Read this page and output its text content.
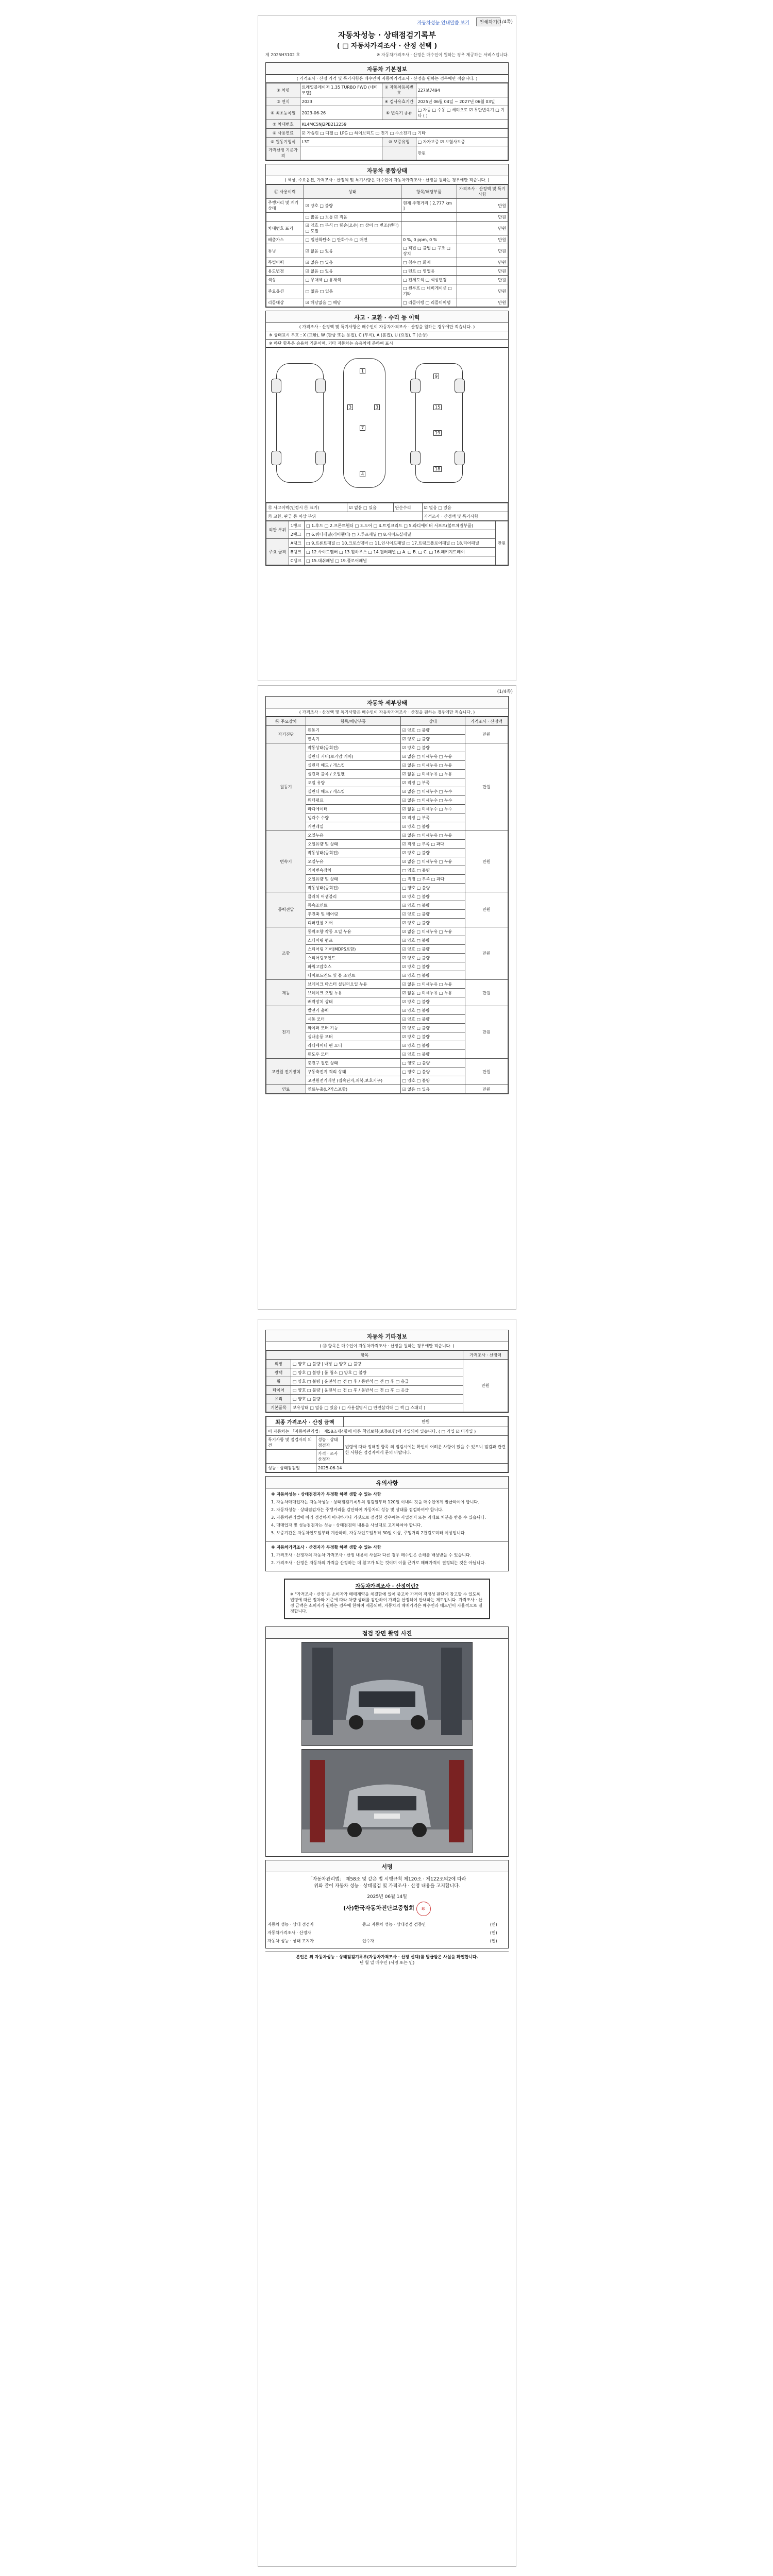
자동차성능 안내말씀 보기	인쇄하기 (1/4쪽)
자동차성능 · 상태점검기록부
( □ 자동차가격조사 · 산정 선택 )
제 2025H3102 호	※ 자동차가격조사 · 산정은 매수인이 원하는 경우 제공하는 서비스입니다.
자동차 기본정보
( 가격조사 · 산정 가격 및 특기사항은 매수인이 자동차가격조사 · 산정을 원하는 경우에만 적습니다. )
① 차명	트레일블레이저 1.35 TURBO FWD (네비모델)	② 자동차등록번호	227보7494
③ 연식	2023	④ 검사유효기간	2025년 06월 04일 ~ 2027년 06월 03일
⑤ 최초등록일	2023-06-26	⑥ 변속기 종류	□ 자동 □ 수동 □ 세미오토 ☑ 무단변속기 □ 기타 ( )
⑦ 차대번호	KL4MC5NJ2PB212259		
⑧ 사용연료	☑ 가솔린 □ 디젤 □ LPG □ 하이브리드 □ 전기 □ 수소전기 □ 기타		
⑨ 원동기형식	L3T	⑩ 보증유형	□ 자가보증 ☑ 보험사보증
가격산정 기준가격			만원
자동차 종합상태
( 색상, 주요옵션, 가격조사 · 산정액 및 특기사항은 매수인이 자동차가격조사 · 산정을 원하는 경우에만 적습니다. )
⑪ 사용이력	상태	항목/해당부품	가격조사 · 산정액 및 특기사항
주행거리 및 계기상태	☑ 양호 □ 불량	현재 주행거리 [ 2,777 km ]	만원
	□ 많음 □ 보통 ☑ 적음		만원
차대번호 표기	☑ 양호 □ 부식 □ 훼손(오손) □ 상이 □ 변조(변타) □ 도말		만원
배출가스	□ 일산화탄소 □ 탄화수소 □ 매연	0 %, 0 ppm, 0 %	만원
튜닝	☑ 없음 □ 있음	□ 적법 □ 불법 □ 구조 □ 장치	만원
특별이력	☑ 없음 □ 있음	□ 침수 □ 화재	만원
용도변경	☑ 없음 □ 있음	□ 렌트 □ 영업용	만원
색상	□ 무채색 □ 유채색	□ 전체도색 □ 색상변경	만원
주요옵션	□ 없음 □ 있음	□ 썬루프 □ 네비게이션 □ 기타	만원
리콜대상	☑ 해당없음 □ 해당	□ 리콜이행 □ 리콜미이행	만원
사고 · 교환 · 수리 등 이력
( 가격조사 · 산정액 및 특기사항은 매수인이 자동차가격조사 · 산정을 원하는 경우에만 적습니다. )
※ 상태표시 부호 : X (교환), W (판금 또는 용접), C (부식), A (흠집), U (요철), T (손상)
※ 하단 항목은 승용차 기준이며, 기타 자동차는 승용차에 준하여 표시
1
3	3
7
4
9
15
19
18
⑫ 사고이력(인정시 ㉮ 표기)	☑ 없음 □ 있음	단순수리	☑ 없음 □ 있음
⑬ 교환, 판금 등 이상 부위			가격조사 · 산정액 및 특기사항
외판 부위	1랭크	□ 1.후드 □ 2.프론트휀더 □ 3.도어 □ 4.트렁크리드 □ 5.라디에이터 서포트(볼트체결부품)	만원
	2랭크	□ 6.쿼터패널(리어휀더) □ 7.루프패널 □ 8.사이드실패널	
주요 골격	A랭크	□ 9.프론트패널 □ 10.크로스멤버 □ 11.인사이드패널 □ 17.트렁크플로어패널 □ 18.리어패널	
	B랭크	□ 12.사이드멤버 □ 13.휠하우스 □ 14.필러패널 □ A. □ B. □ C. □ 16.패키지트레이	
	C랭크	□ 15.대쉬패널 □ 19.플로어패널	
(1/4쪽)
자동차 세부상태
( 가격조사 · 산정액 및 특기사항은 매수인이 자동차가격조사 · 산정을 원하는 경우에만 적습니다. )
⑭ 주요장치	항목/해당부품	상태	가격조사 · 산정액
자기진단	원동기	☑ 양호 □ 불량	만원
	변속기	☑ 양호 □ 불량	
원동기	작동상태(공회전)	☑ 양호 □ 불량	만원
	실린더 커버(로커암 커버)	☑ 없음 □ 미세누유 □ 누유	
	실린더 헤드 / 개스킷	☑ 없음 □ 미세누유 □ 누유	
	실린더 블록 / 오일팬	☑ 없음 □ 미세누유 □ 누유	
	오일 유량	☑ 적정 □ 부족	
	실린더 헤드 / 개스킷	☑ 없음 □ 미세누수 □ 누수	
	워터펌프	☑ 없음 □ 미세누수 □ 누수	
	라디에이터	☑ 없음 □ 미세누수 □ 누수	
	냉각수 수량	☑ 적정 □ 부족	
	커먼레일	☑ 양호 □ 불량	
변속기	오일누유	☑ 없음 □ 미세누유 □ 누유	만원
	오일유량 및 상태	☑ 적정 □ 부족 □ 과다	
	작동상태(공회전)	☑ 양호 □ 불량	
	오일누유	☑ 없음 □ 미세누유 □ 누유	
	기어변속장치	□ 양호 □ 불량	
	오일유량 및 상태	□ 적정 □ 부족 □ 과다	
	작동상태(공회전)	□ 양호 □ 불량	
동력전달	클러치 어셈블리	☑ 양호 □ 불량	만원
	등속조인트	☑ 양호 □ 불량	
	추진축 및 베어링	☑ 양호 □ 불량	
	디퍼렌셜 기어	☑ 양호 □ 불량	
조향	동력조향 작동 오일 누유	☑ 없음 □ 미세누유 □ 누유	만원
	스티어링 펌프	☑ 양호 □ 불량	
	스티어링 기어(MDPS포함)	☑ 양호 □ 불량	
	스티어링조인트	☑ 양호 □ 불량	
	파워고압호스	☑ 양호 □ 불량	
	타이로드엔드 및 볼 조인트	☑ 양호 □ 불량	
제동	브레이크 마스터 실린더오일 누유	☑ 없음 □ 미세누유 □ 누유	만원
	브레이크 오일 누유	☑ 없음 □ 미세누유 □ 누유	
	배력장치 상태	☑ 양호 □ 불량	
전기	발전기 출력	☑ 양호 □ 불량	만원
	시동 모터	☑ 양호 □ 불량	
	와이퍼 모터 기능	☑ 양호 □ 불량	
	실내송풍 모터	☑ 양호 □ 불량	
	라디에이터 팬 모터	☑ 양호 □ 불량	
	윈도우 모터	☑ 양호 □ 불량	
고전원 전기장치	충전구 절연 상태	□ 양호 □ 불량	만원
	구동축전지 격리 상태	□ 양호 □ 불량	
	고전원전기배선 (접속단자,피복,보호기구)	□ 양호 □ 불량	
연료	연료누출(LP가스포함)	☑ 없음 □ 있음	만원
자동차 기타정보
( ⑮ 항목은 매수인이 자동차가격조사 · 산정을 원하는 경우에만 적습니다. )
항목		가격조사 · 산정액
외장	□ 양호 □ 불량 | 내장 □ 양호 □ 불량	만원
광택	□ 양호 □ 불량 | 룸 청소 □ 양호 □ 불량	
휠	□ 양호 □ 불량 | 운전석 □ 전 □ 후 / 동반석 □ 전 □ 후 □ 응급	
타이어	□ 양호 □ 불량 | 운전석 □ 전 □ 후 / 동반석 □ 전 □ 후 □ 응급	
유리	□ 양호 □ 불량	
기본품목	보유상태 □ 없음 □ 있음 ( □ 사용설명서 □ 안전삼각대 □ 잭 □ 스패너 )	
최종 가격조사 · 산정 금액		만원
이 자동차는 「자동차관리법」 제58조제4항에 따른 책임보험(보증보험)에 가입되어 있습니다. ( □ 가입 ☑ 미가입 )		
특기사항 및 점검자의 의견	성능 · 상태점검자	법령에 따라 정해진 항목 외 점검시에는 확인이 어려운 사항이 있을 수 있으니 점검과 관련한 사항은 점검자에게 문의 바랍니다.
	가격 · 조사산정자	
성능 · 상태점검일	2025-06-14	
유의사항

※ 자동차성능 · 상태점검자가 부정확 하면 생할 수 있는 사항

1. 자동차매매업자는 자동차성능 · 상태점검기록부의 점검일부터 120일 이내의 것을 매수인에게 발급하여야 합니다.

2. 자동차성능 · 상태점검자는 주행거리를 감안하여 자동차의 성능 및 상태를 점검하여야 합니다.

3. 자동차관리법에 따라 점검하지 아니하거나 거짓으로 점검한 경우에는 사업정지 또는 과태료 처분을 받을 수 있습니다.

4. 매매업자 및 성능점검자는 성능 · 상태점검의 내용을 사실대로 고지하여야 합니다.

5. 보증기간은 자동차인도일부터 계산하며, 자동차인도일부터 30일 이상, 주행거리 2천킬로미터 이상입니다.

※ 자동차가격조사 · 산정자가 부정확 하면 생할 수 있는 사항

1. 가격조사 · 산정자의 자동차 가격조사 · 산정 내용이 사실과 다른 경우 매수인은 손해를 배상받을 수 있습니다.

2. 가격조사 · 산정은 자동차의 가격을 산정하는 데 참고가 되는 것이며 이를 근거로 매매가격이 결정되는 것은 아닙니다.

자동차가격조사 · 산정이란?
※ "가격조사 · 산정"은 소비자가 매매계약을 체결함에 있어 중고차 가격의 적정성 판단에 참고할 수 있도록 법령에 따른 절차와 기준에 따라 차량 상태를 감안하여 가격을 산정하여 안내하는 제도입니다. 가격조사 · 산정 금액은 소비자가 원하는 경우에 한하여 제공되며, 자동차의 매매가격은 매수인과 매도인이 자율적으로 결정합니다.
점검 장면 촬영 사진
서명
「자동차관리법」 제58조 및 같은 법 시행규칙 제120조 · 제122조의2에 따라
위와 같이 자동차 성능 · 상태점검 및 가격조사 · 산정 내용을 고지합니다.
2025년 06월 14일
(사)한국자동차진단보증협회 印
자동차 성능 · 상태 점검자	중고 자동차 성능 · 상태점검 검증인	(인)
자동차가격조사 · 산정자		(인)
자동차 성능 · 상태 고지자	인수자	(인)
본인은 위 자동차성능 · 상태점검기록부(자동차가격조사 · 산정 선택)를 발급받은 사실을 확인합니다.
년 월 일 매수인 (서명 또는 인)
